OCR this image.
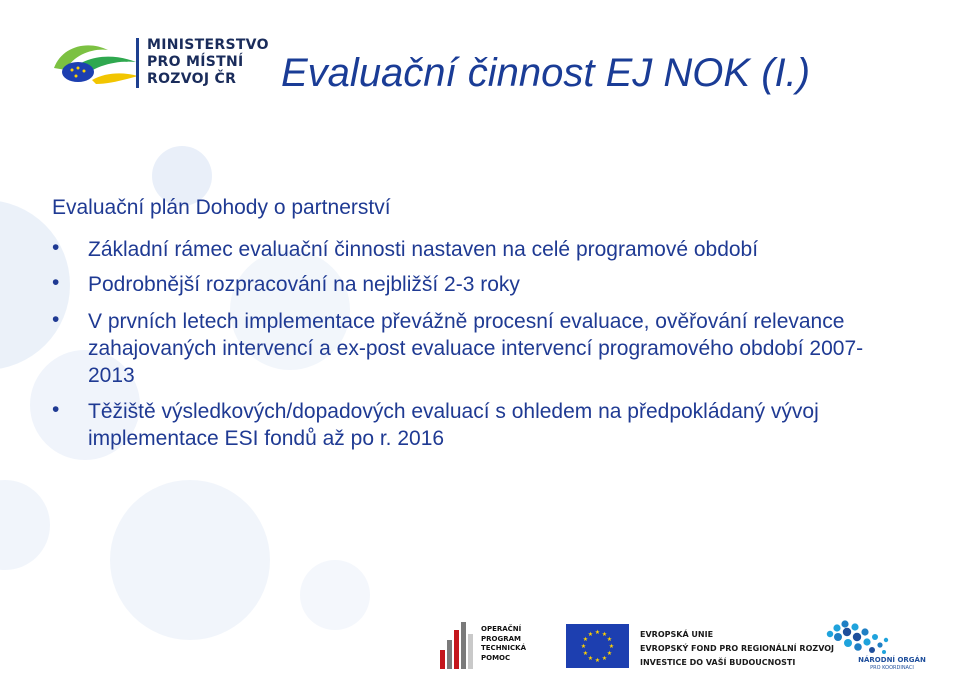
MINISTERSTVO
PRO MÍSTNÍ
ROZVOJ ČR	Evaluační činnost EJ NOK (I.)
Evaluační plán Dohody o partnerství
• Základní rámec evaluační činnosti nastaven na celé programové období
• Podrobnější rozpracování na nejbližší 2-3 roky
• V prvních letech implementace převážně procesní evaluace, ověřování relevance zahajovaných intervencí a ex-post evaluace intervencí programového období 2007-2013
• Těžiště výsledkových/dopadových evaluací s ohledem na předpokládaný vývoj implementace ESI fondů až po r. 2016
OPERAČNÍ
PROGRAM
TECHNICKÁ
POMOC
★ ★
★
★
★
★
★
★
★
★
★
★	EVROPSKÁ UNIE
EVROPSKÝ FOND PRO REGIONÁLNÍ ROZVOJ
INVESTICE DO VAŠÍ BUDOUCNOSTI	NÁRODNÍ ORGÁN
PRO KOORDINACI
